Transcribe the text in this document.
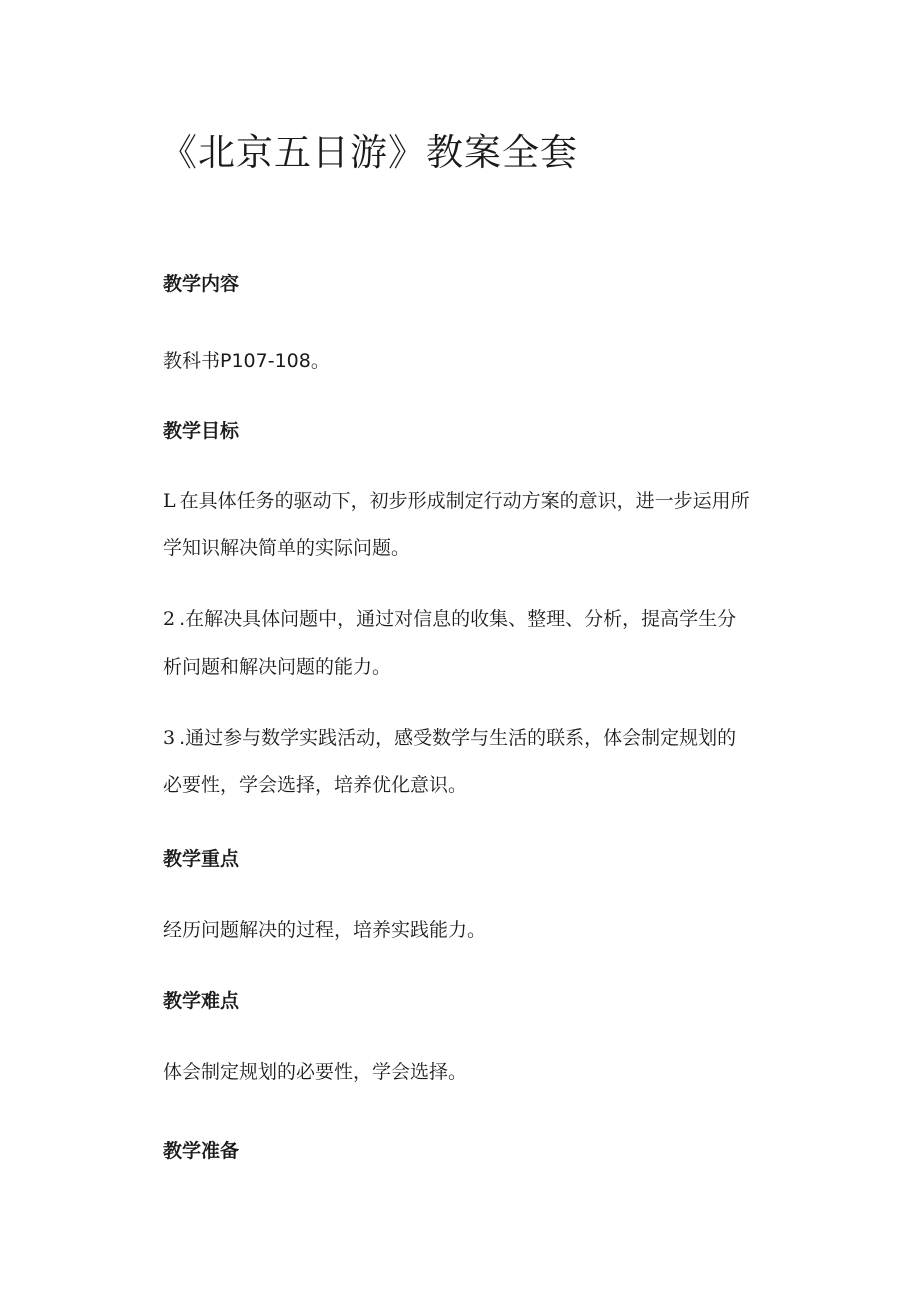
《北京五日游》教案全套
教学内容

教科书P107-108。

教学目标

L 在具体任务的驱动下，初步形成制定行动方案的意识，进一步运用所

学知识解决简单的实际问题。

2 .在解决具体问题中，通过对信息的收集、整理、分析，提高学生分

析问题和解决问题的能力。

3 .通过参与数学实践活动，感受数学与生活的联系，体会制定规划的

必要性，学会选择，培养优化意识。

教学重点

经历问题解决的过程，培养实践能力。

教学难点

体会制定规划的必要性，学会选择。

教学准备
